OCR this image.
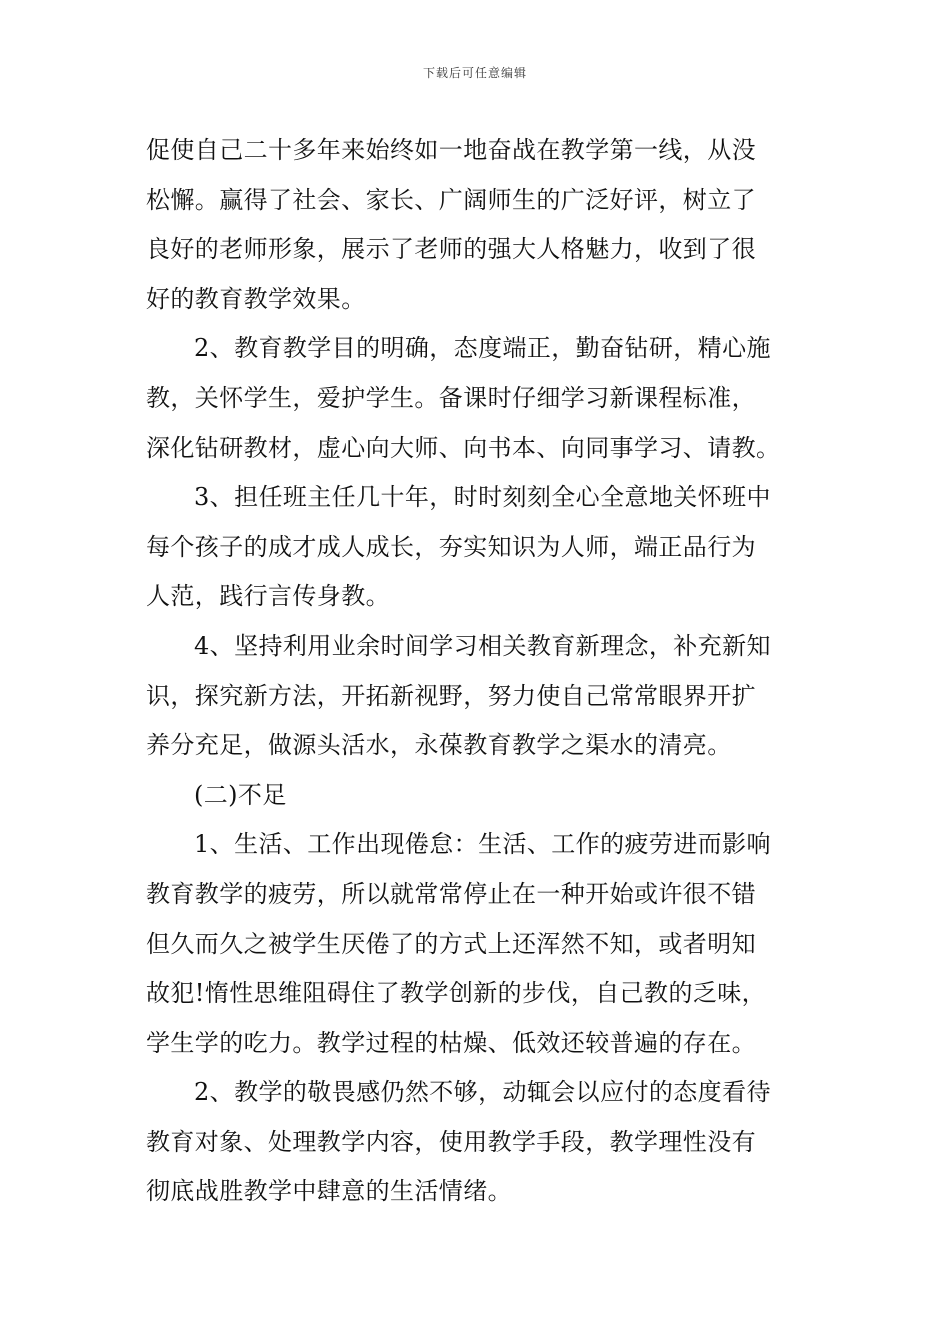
下载后可任意编辑
促使自己二十多年来始终如一地奋战在教学第一线，从没
松懈。赢得了社会、家长、广阔师生的广泛好评，树立了
良好的老师形象，展示了老师的强大人格魅力，收到了很
好的教育教学效果。
2、教育教学目的明确，态度端正，勤奋钻研，精心施
教，关怀学生，爱护学生。备课时仔细学习新课程标准，
深化钻研教材，虚心向大师、向书本、向同事学习、请教。
3、担任班主任几十年，时时刻刻全心全意地关怀班中
每个孩子的成才成人成长，夯实知识为人师，端正品行为
人范，践行言传身教。
4、坚持利用业余时间学习相关教育新理念，补充新知
识，探究新方法，开拓新视野，努力使自己常常眼界开扩
养分充足，做源头活水，永葆教育教学之渠水的清亮。
(二)不足
1、生活、工作出现倦怠：生活、工作的疲劳进而影响
教育教学的疲劳，所以就常常停止在一种开始或许很不错
但久而久之被学生厌倦了的方式上还浑然不知，或者明知
故犯!惰性思维阻碍住了教学创新的步伐，自己教的乏味，
学生学的吃力。教学过程的枯燥、低效还较普遍的存在。
2、教学的敬畏感仍然不够，动辄会以应付的态度看待
教育对象、处理教学内容，使用教学手段，教学理性没有
彻底战胜教学中肆意的生活情绪。
